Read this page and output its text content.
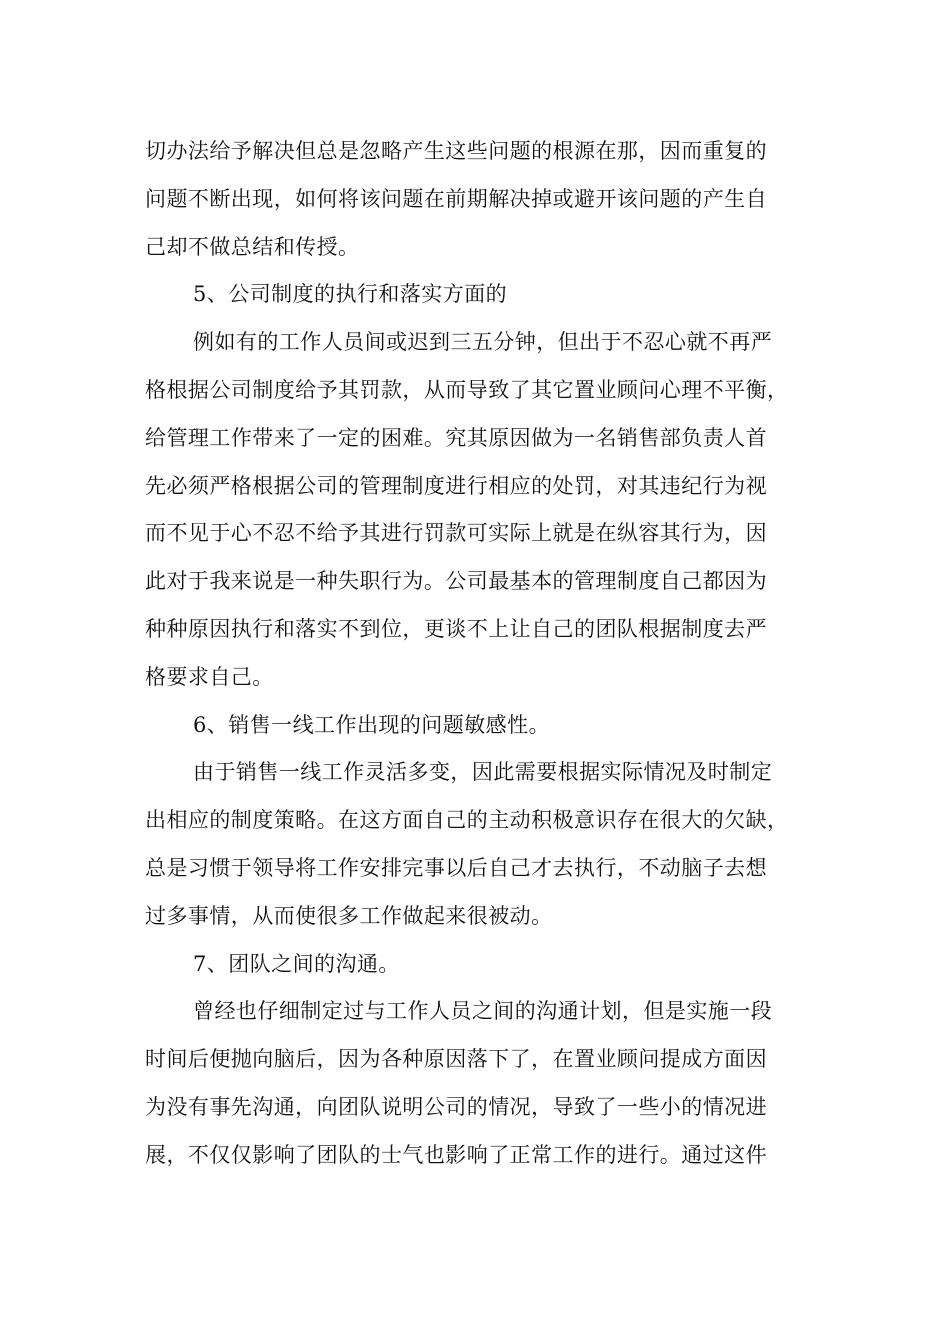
切办法给予解决但总是忽略产生这些问题的根源在那，因而重复的
问题不断出现，如何将该问题在前期解决掉或避开该问题的产生自
己却不做总结和传授。
5、公司制度的执行和落实方面的
例如有的工作人员间或迟到三五分钟，但出于不忍心就不再严
格根据公司制度给予其罚款，从而导致了其它置业顾问心理不平衡，
给管理工作带来了一定的困难。究其原因做为一名销售部负责人首
先必须严格根据公司的管理制度进行相应的处罚，对其违纪行为视
而不见于心不忍不给予其进行罚款可实际上就是在纵容其行为，因
此对于我来说是一种失职行为。公司最基本的管理制度自己都因为
种种原因执行和落实不到位，更谈不上让自己的团队根据制度去严
格要求自己。
6、销售一线工作出现的问题敏感性。
由于销售一线工作灵活多变，因此需要根据实际情况及时制定
出相应的制度策略。在这方面自己的主动积极意识存在很大的欠缺，
总是习惯于领导将工作安排完事以后自己才去执行，不动脑子去想
过多事情，从而使很多工作做起来很被动。
7、团队之间的沟通。
曾经也仔细制定过与工作人员之间的沟通计划，但是实施一段
时间后便抛向脑后，因为各种原因落下了，在置业顾问提成方面因
为没有事先沟通，向团队说明公司的情况，导致了一些小的情况进
展，不仅仅影响了团队的士气也影响了正常工作的进行。通过这件
